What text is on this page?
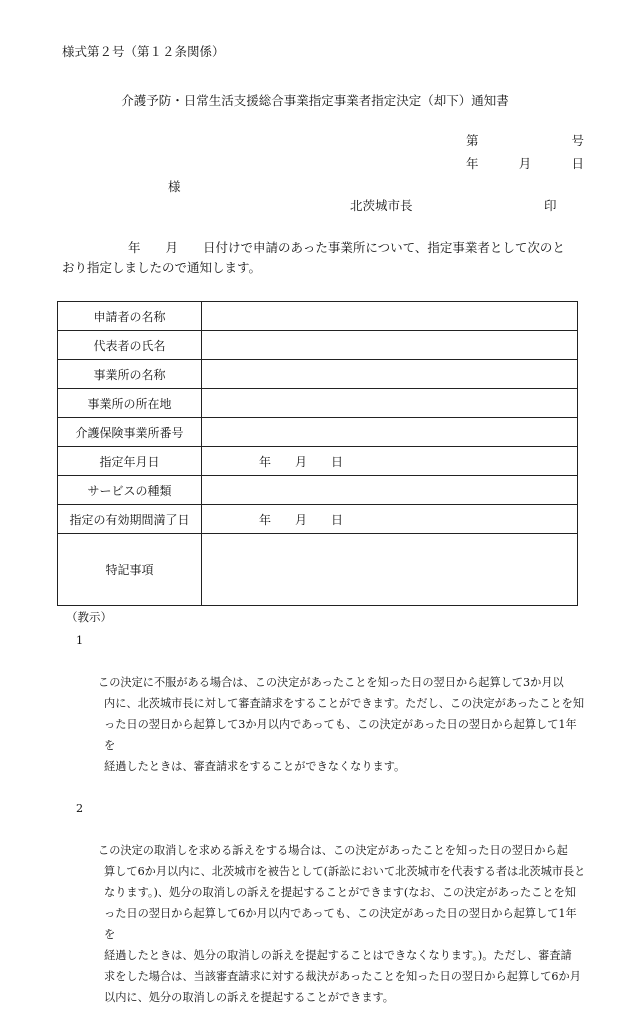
様式第２号（第１２条関係）
介護予防・日常生活支援総合事業指定事業者指定決定（却下）通知書
第	号
年	月	日
様
北茨城市長	印
年 月 日付けで申請のあった事業所について、指定事業者として次のと
おり指定しましたので通知します。
申請者の名称	
代表者の氏名	
事業所の名称	
事業所の所在地	
介護保険事業所番号	
指定年月日	年 月 日

サービスの種類	
指定の有効期間満了日	年 月 日

特記事項	
（教示）

1

この決定に不服がある場合は、この決定があったことを知った日の翌日から起算して3か月以
内に、北茨城市長に対して審査請求をすることができます。ただし、この決定があったことを知
った日の翌日から起算して3か月以内であっても、この決定があった日の翌日から起算して1年を
経過したときは、審査請求をすることができなくなります。

2

この決定の取消しを求める訴えをする場合は、この決定があったことを知った日の翌日から起
算して6か月以内に、北茨城市を被告として(訴訟において北茨城市を代表する者は北茨城市長と
なります。)、処分の取消しの訴えを提起することができます(なお、この決定があったことを知
った日の翌日から起算して6か月以内であっても、この決定があった日の翌日から起算して1年を
経過したときは、処分の取消しの訴えを提起することはできなくなります。)。ただし、審査請
求をした場合は、当該審査請求に対する裁決があったことを知った日の翌日から起算して6か月
以内に、処分の取消しの訴えを提起することができます。
